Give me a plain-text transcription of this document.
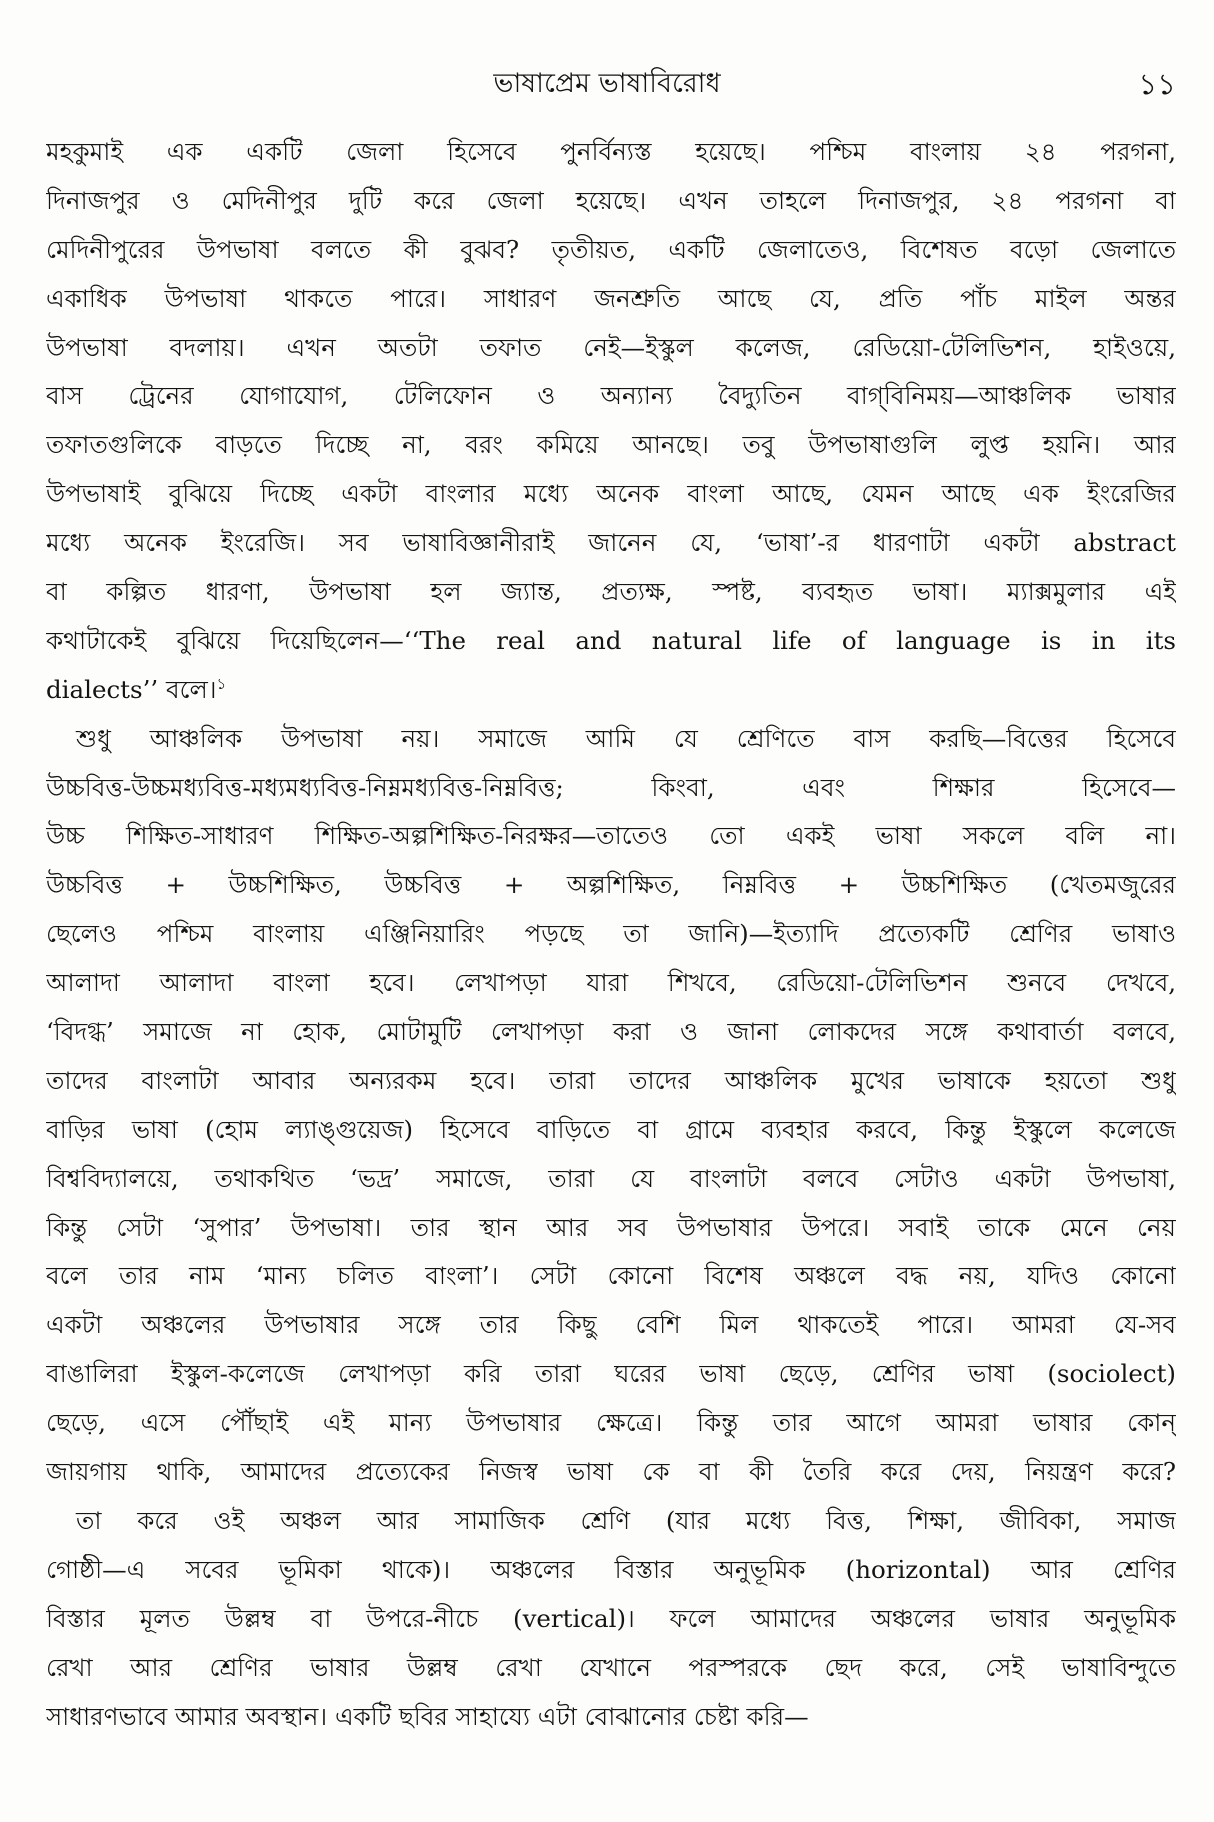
ভাষাপ্রেম ভাষাবিরোধ	১১
মহকুমাই এক একটি জেলা হিসেবে পুনর্বিন্যস্ত হয়েছে। পশ্চিম বাংলায় ২৪ পরগনা,
দিনাজপুর ও মেদিনীপুর দুটি করে জেলা হয়েছে। এখন তাহলে দিনাজপুর, ২৪ পরগনা বা
মেদিনীপুরের উপভাষা বলতে কী বুঝব? তৃতীয়ত, একটি জেলাতেও, বিশেষত বড়ো জেলাতে
একাধিক উপভাষা থাকতে পারে। সাধারণ জনশ্রুতি আছে যে, প্রতি পাঁচ মাইল অন্তর
উপভাষা বদলায়। এখন অতটা তফাত নেই—ইস্কুল কলেজ, রেডিয়ো-টেলিভিশন, হাইওয়ে,
বাস ট্রেনের যোগাযোগ, টেলিফোন ও অন্যান্য বৈদ্যুতিন বাগ্‌বিনিময়—আঞ্চলিক ভাষার
তফাতগুলিকে বাড়তে দিচ্ছে না, বরং কমিয়ে আনছে। তবু উপভাষাগুলি লুপ্ত হয়নি। আর
উপভাষাই বুঝিয়ে দিচ্ছে একটা বাংলার মধ্যে অনেক বাংলা আছে, যেমন আছে এক ইংরেজির
মধ্যে অনেক ইংরেজি। সব ভাষাবিজ্ঞানীরাই জানেন যে, ‘ভাষা’-র ধারণাটা একটা abstract
বা কল্পিত ধারণা, উপভাষা হল জ্যান্ত, প্রত্যক্ষ, স্পষ্ট, ব্যবহৃত ভাষা। ম্যাক্সমুলার এই
কথাটাকেই বুঝিয়ে দিয়েছিলেন—‘‘The real and natural life of language is in its
dialects’’ বলে।$^১$
শুধু আঞ্চলিক উপভাষা নয়। সমাজে আমি যে শ্রেণিতে বাস করছি—বিত্তের হিসেবে
উচ্চবিত্ত-উচ্চমধ্যবিত্ত-মধ্যমধ্যবিত্ত-নিম্নমধ্যবিত্ত-নিম্নবিত্ত; কিংবা, এবং শিক্ষার হিসেবে—
উচ্চ শিক্ষিত-সাধারণ শিক্ষিত-অল্পশিক্ষিত-নিরক্ষর—তাতেও তো একই ভাষা সকলে বলি না।
উচ্চবিত্ত + উচ্চশিক্ষিত, উচ্চবিত্ত + অল্পশিক্ষিত, নিম্নবিত্ত + উচ্চশিক্ষিত (খেতমজুরের
ছেলেও পশ্চিম বাংলায় এঞ্জিনিয়ারিং পড়ছে তা জানি)—ইত্যাদি প্রত্যেকটি শ্রেণির ভাষাও
আলাদা আলাদা বাংলা হবে। লেখাপড়া যারা শিখবে, রেডিয়ো-টেলিভিশন শুনবে দেখবে,
‘বিদগ্ধ’ সমাজে না হোক, মোটামুটি লেখাপড়া করা ও জানা লোকদের সঙ্গে কথাবার্তা বলবে,
তাদের বাংলাটা আবার অন্যরকম হবে। তারা তাদের আঞ্চলিক মুখের ভাষাকে হয়তো শুধু
বাড়ির ভাষা (হোম ল্যাঙ্গুয়েজ) হিসেবে বাড়িতে বা গ্রামে ব্যবহার করবে, কিন্তু ইস্কুলে কলেজে
বিশ্ববিদ্যালয়ে, তথাকথিত ‘ভদ্র’ সমাজে, তারা যে বাংলাটা বলবে সেটাও একটা উপভাষা,
কিন্তু সেটা ‘সুপার’ উপভাষা। তার স্থান আর সব উপভাষার উপরে। সবাই তাকে মেনে নেয়
বলে তার নাম ‘মান্য চলিত বাংলা’। সেটা কোনো বিশেষ অঞ্চলে বদ্ধ নয়, যদিও কোনো
একটা অঞ্চলের উপভাষার সঙ্গে তার কিছু বেশি মিল থাকতেই পারে। আমরা যে-সব
বাঙালিরা ইস্কুল-কলেজে লেখাপড়া করি তারা ঘরের ভাষা ছেড়ে, শ্রেণির ভাষা (sociolect)
ছেড়ে, এসে পৌঁছাই এই মান্য উপভাষার ক্ষেত্রে। কিন্তু তার আগে আমরা ভাষার কোন্‌
জায়গায় থাকি, আমাদের প্রত্যেকের নিজস্ব ভাষা কে বা কী তৈরি করে দেয়, নিয়ন্ত্রণ করে?
তা করে ওই অঞ্চল আর সামাজিক শ্রেণি (যার মধ্যে বিত্ত, শিক্ষা, জীবিকা, সমাজ
গোষ্ঠী—এ সবের ভূমিকা থাকে)। অঞ্চলের বিস্তার অনুভূমিক (horizontal) আর শ্রেণির
বিস্তার মূলত উল্লম্ব বা উপরে-নীচে (vertical)। ফলে আমাদের অঞ্চলের ভাষার অনুভূমিক
রেখা আর শ্রেণির ভাষার উল্লম্ব রেখা যেখানে পরস্পরকে ছেদ করে, সেই ভাষাবিন্দুতে
সাধারণভাবে আমার অবস্থান। একটি ছবির সাহায্যে এটা বোঝানোর চেষ্টা করি—
